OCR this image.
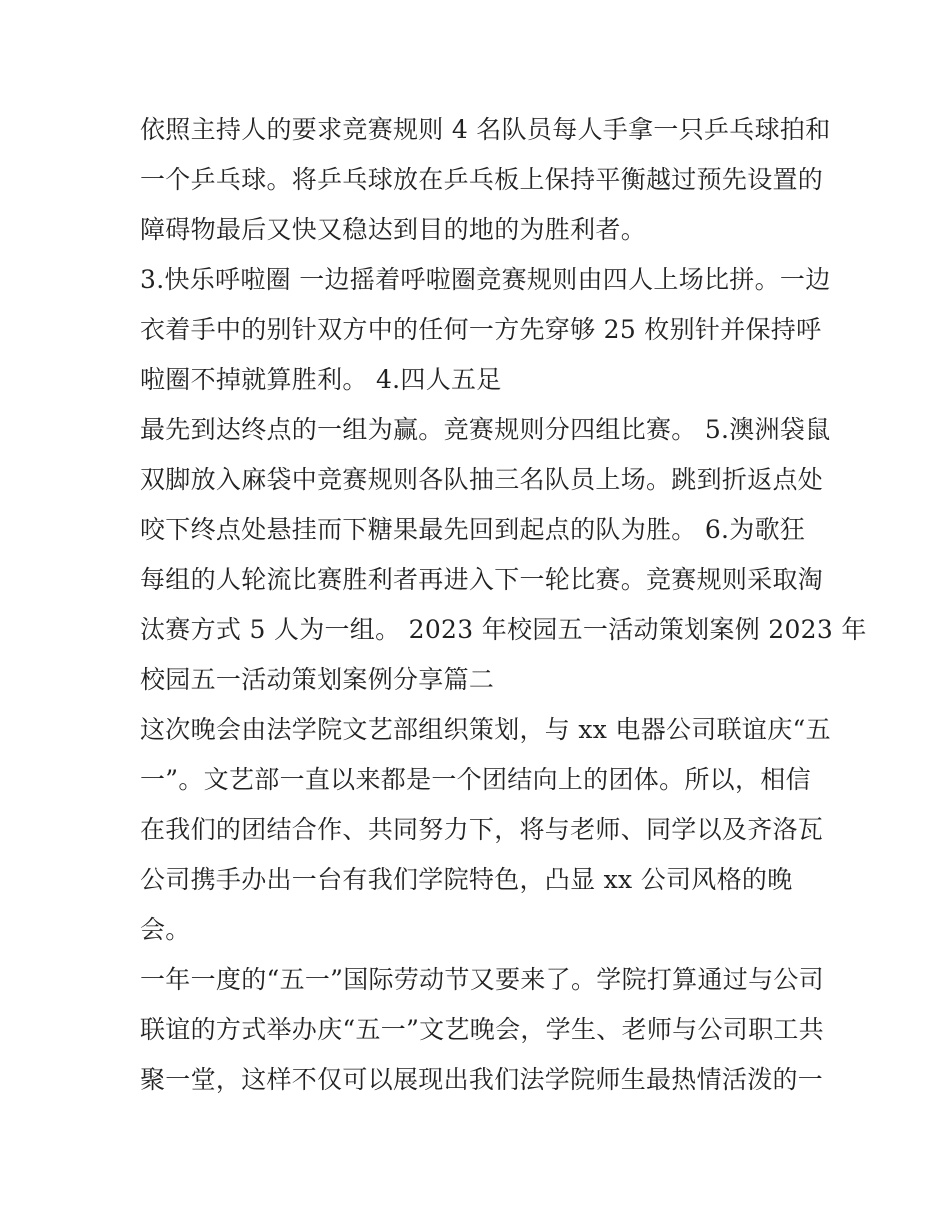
依照主持人的要求竞赛规则 4 名队员每人手拿一只乒乓球拍和
一个乒乓球。将乒乓球放在乒乓板上保持平衡越过预先设置的
障碍物最后又快又稳达到目的地的为胜利者。
3.快乐呼啦圈 一边摇着呼啦圈竞赛规则由四人上场比拼。一边
衣着手中的别针双方中的任何一方先穿够 25 枚别针并保持呼
啦圈不掉就算胜利。 4.四人五足
最先到达终点的一组为赢。竞赛规则分四组比赛。 5.澳洲袋鼠
双脚放入麻袋中竞赛规则各队抽三名队员上场。跳到折返点处
咬下终点处悬挂而下糖果最先回到起点的队为胜。 6.为歌狂
每组的人轮流比赛胜利者再进入下一轮比赛。竞赛规则采取淘
汰赛方式 5 人为一组。 2023 年校园五一活动策划案例 2023 年
校园五一活动策划案例分享篇二
这次晚会由法学院文艺部组织策划，与 xx 电器公司联谊庆“五
一”。文艺部一直以来都是一个团结向上的团体。所以，相信
在我们的团结合作、共同努力下，将与老师、同学以及齐洛瓦
公司携手办出一台有我们学院特色，凸显 xx 公司风格的晚
会。
一年一度的“五一”国际劳动节又要来了。学院打算通过与公司
联谊的方式举办庆“五一”文艺晚会，学生、老师与公司职工共
聚一堂，这样不仅可以展现出我们法学院师生最热情活泼的一
